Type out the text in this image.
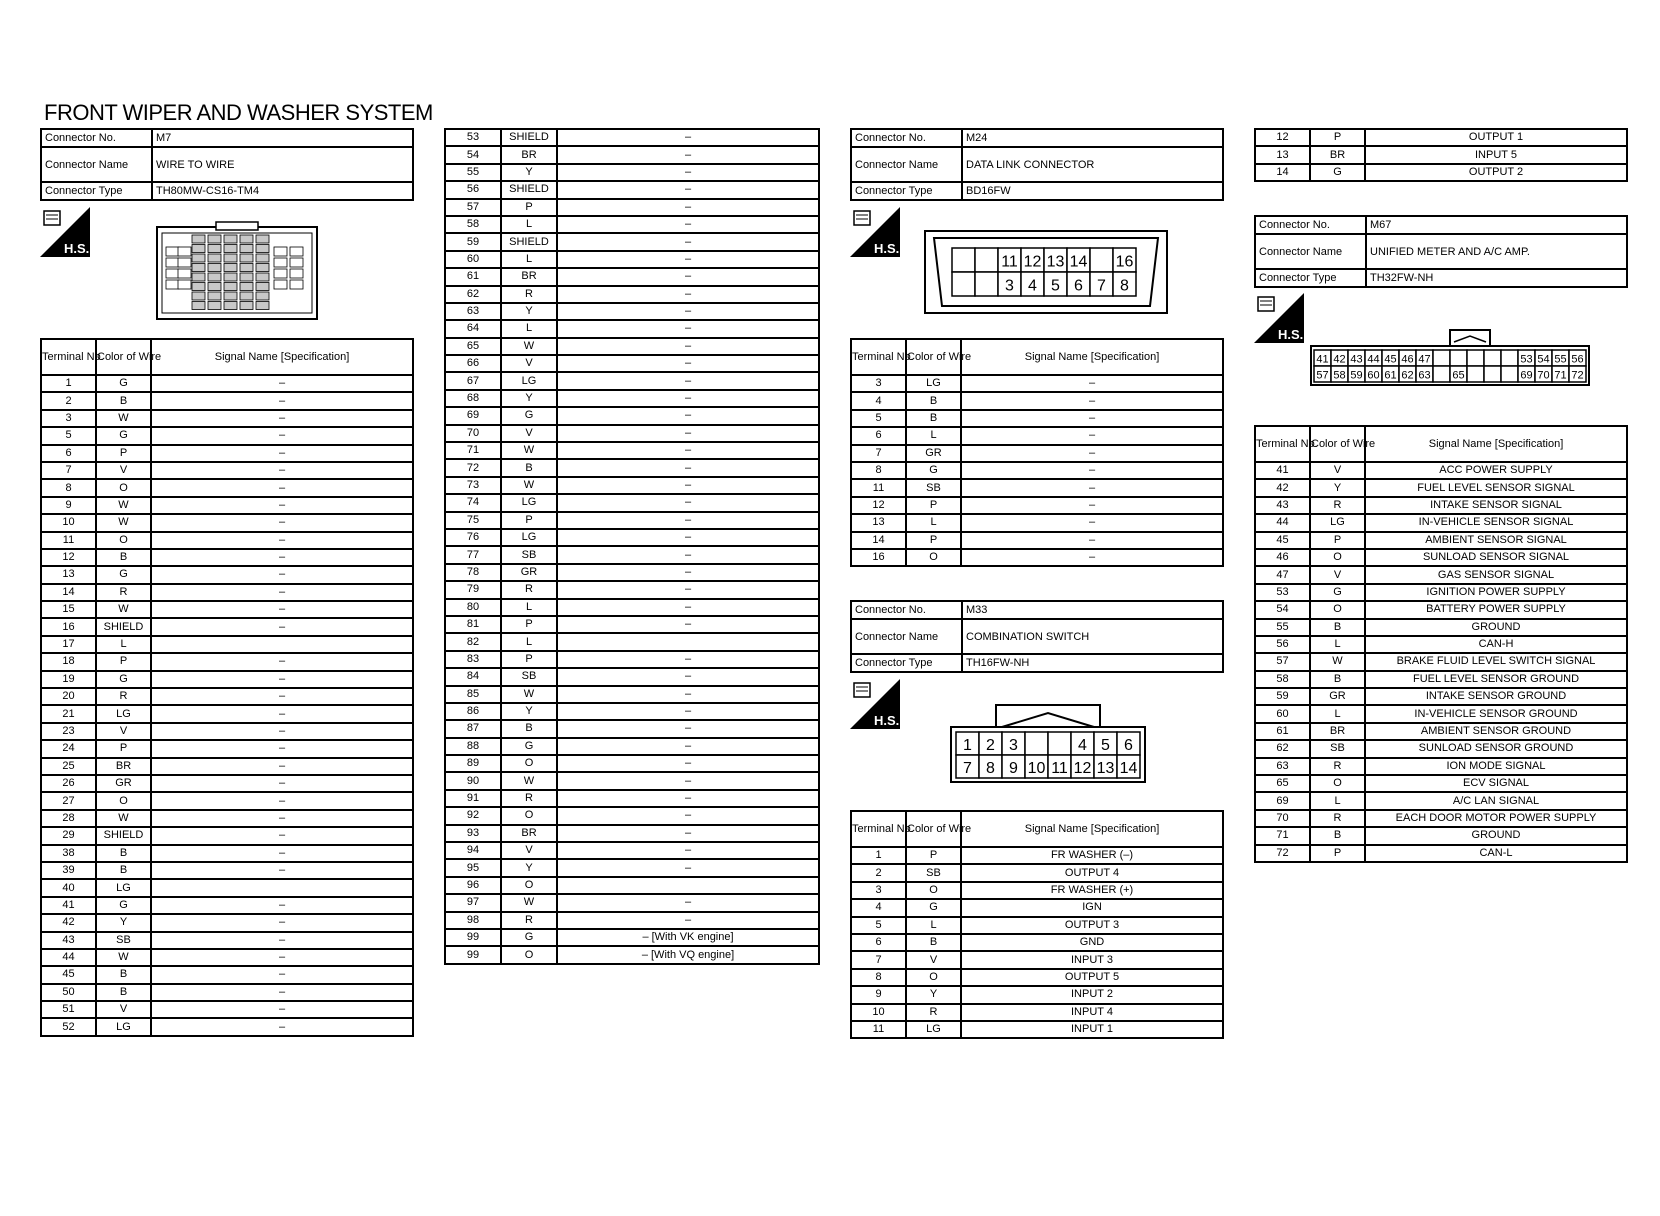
FRONT WIPER AND WASHER SYSTEM
Connector No.	M7
Connector Name	WIRE TO WIRE
Connector Type	TH80MW-CS16-TM4
H.S.
Terminal No.	Color of Wire	Signal Name [Specification]
1	G	–
2	B	–
3	W	–
5	G	–
6	P	–
7	V	–
8	O	–
9	W	–
10	W	–
11	O	–
12	B	–
13	G	–
14	R	–
15	W	–
16	SHIELD	–
17	L	
18	P	–
19	G	–
20	R	–
21	LG	–
23	V	–
24	P	–
25	BR	–
26	GR	–
27	O	–
28	W	–
29	SHIELD	–
38	B	–
39	B	–
40	LG	
41	G	–
42	Y	–
43	SB	–
44	W	–
45	B	–
50	B	–
51	V	–
52	LG	–
53	SHIELD	–
54	BR	–
55	Y	–
56	SHIELD	–
57	P	–
58	L	–
59	SHIELD	–
60	L	–
61	BR	–
62	R	–
63	Y	–
64	L	–
65	W	–
66	V	–
67	LG	–
68	Y	–
69	G	–
70	V	–
71	W	–
72	B	–
73	W	–
74	LG	–
75	P	–
76	LG	–
77	SB	–
78	GR	–
79	R	–
80	L	–
81	P	–
82	L	
83	P	–
84	SB	–
85	W	–
86	Y	–
87	B	–
88	G	–
89	O	–
90	W	–
91	R	–
92	O	–
93	BR	–
94	V	–
95	Y	–
96	O	
97	W	–
98	R	–
99	G	– [With VK engine]
99	O	– [With VQ engine]
Connector No.	M24
Connector Name	DATA LINK CONNECTOR
Connector Type	BD16FW
H.S.
11 12 13 14 16
3 4 5 6 7 8
Terminal No.	Color of Wire	Signal Name [Specification]
3	LG	–
4	B	–
5	B	–
6	L	–
7	GR	–
8	G	–
11	SB	–
12	P	–
13	L	–
14	P	–
16	O	–
Connector No.	M33
Connector Name	COMBINATION SWITCH
Connector Type	TH16FW-NH
H.S.
1 2 3	4 5 6
7 8 9 10 11 12 13 14
Terminal No.	Color of Wire	Signal Name [Specification]
1	P	FR WASHER (–)
2	SB	OUTPUT 4
3	O	FR WASHER (+)
4	G	IGN
5	L	OUTPUT 3
6	B	GND
7	V	INPUT 3
8	O	OUTPUT 5
9	Y	INPUT 2
10	R	INPUT 4
11	LG	INPUT 1
12	P	OUTPUT 1
13	BR	INPUT 5
14	G	OUTPUT 2
Connector No.	M67
Connector Name	UNIFIED METER AND A/C AMP.
Connector Type	TH32FW-NH
H.S.
41 42 43 44 45 46 47	53 54 55 56
57 58 59 60 61 62 63 65	69 70 71 72
Terminal No.	Color of Wire	Signal Name [Specification]
41	V	ACC POWER SUPPLY
42	Y	FUEL LEVEL SENSOR SIGNAL
43	R	INTAKE SENSOR SIGNAL
44	LG	IN-VEHICLE SENSOR SIGNAL
45	P	AMBIENT SENSOR SIGNAL
46	O	SUNLOAD SENSOR SIGNAL
47	V	GAS SENSOR SIGNAL
53	G	IGNITION POWER SUPPLY
54	O	BATTERY POWER SUPPLY
55	B	GROUND
56	L	CAN-H
57	W	BRAKE FLUID LEVEL SWITCH SIGNAL
58	B	FUEL LEVEL SENSOR GROUND
59	GR	INTAKE SENSOR GROUND
60	L	IN-VEHICLE SENSOR GROUND
61	BR	AMBIENT SENSOR GROUND
62	SB	SUNLOAD SENSOR GROUND
63	R	ION MODE SIGNAL
65	O	ECV SIGNAL
69	L	A/C LAN SIGNAL
70	R	EACH DOOR MOTOR POWER SUPPLY
71	B	GROUND
72	P	CAN-L
